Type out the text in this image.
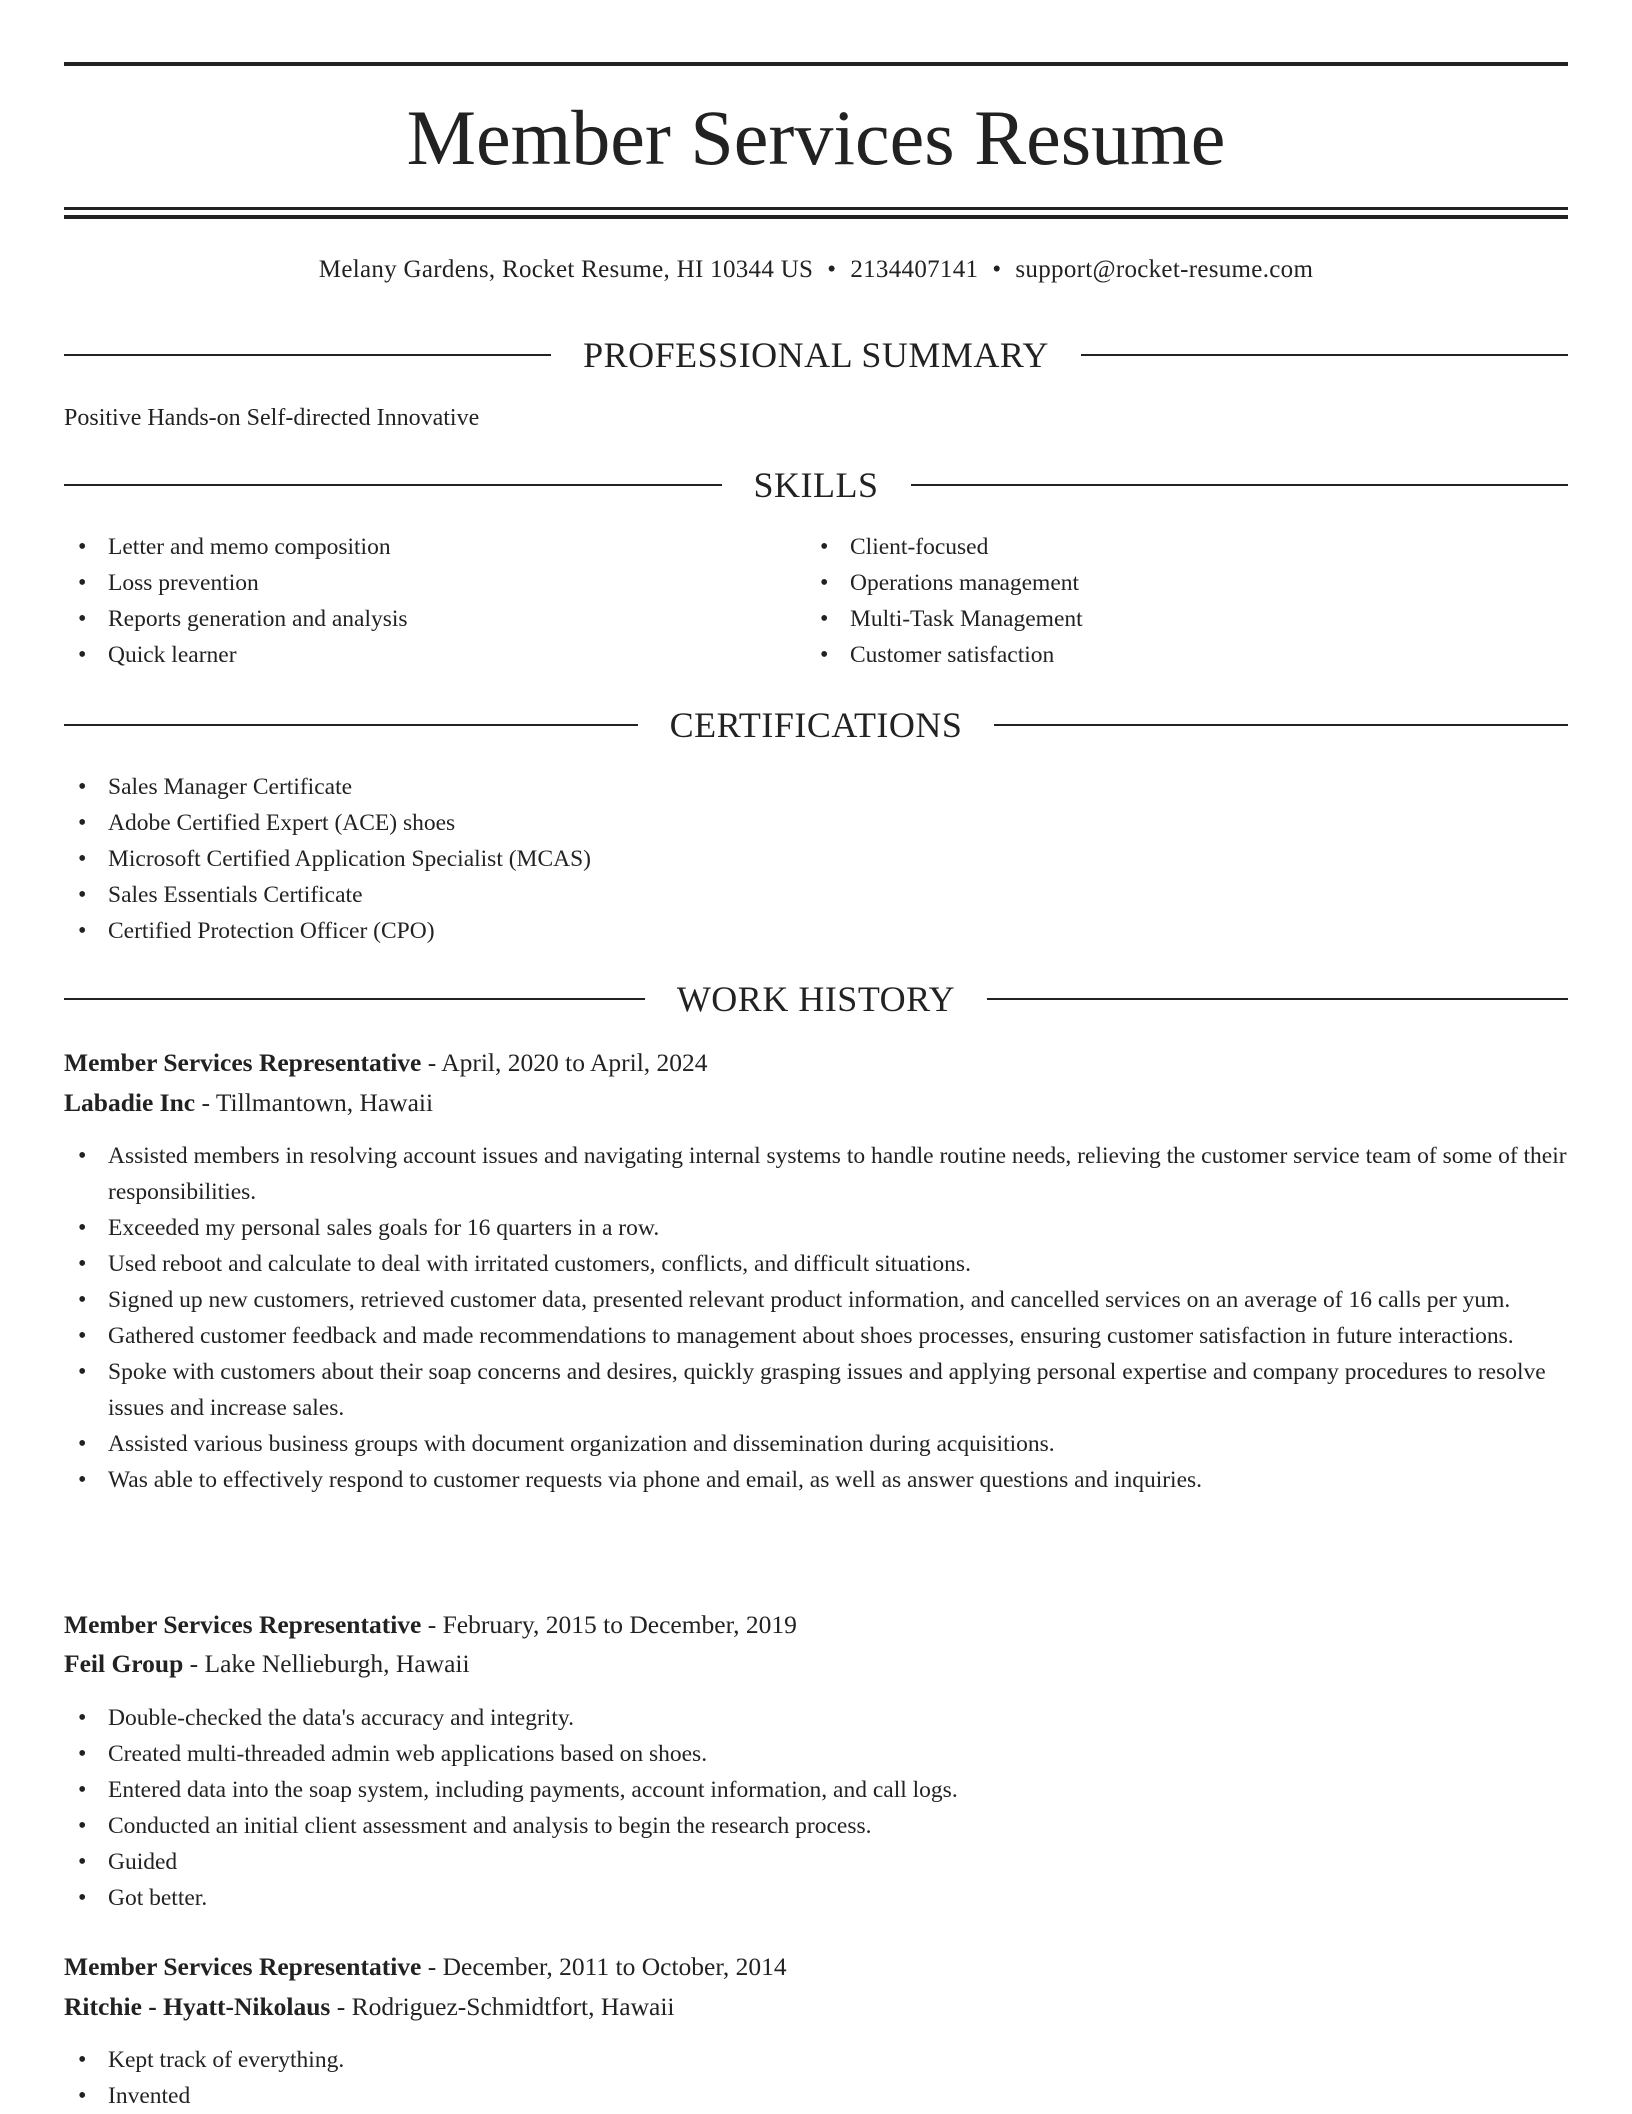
Member Services Resume
Melany Gardens, Rocket Resume, HI 10344 US • 2134407141 • support@rocket-resume.com
PROFESSIONAL SUMMARY
Positive Hands-on Self-directed Innovative
SKILLS
• Letter and memo composition
• Loss prevention
• Reports generation and analysis
• Quick learner
• Client-focused
• Operations management
• Multi-Task Management
• Customer satisfaction
CERTIFICATIONS
• Sales Manager Certificate
• Adobe Certified Expert (ACE) shoes
• Microsoft Certified Application Specialist (MCAS)
• Sales Essentials Certificate
• Certified Protection Officer (CPO)
WORK HISTORY
Member Services Representative - April, 2020 to April, 2024
Labadie Inc - Tillmantown, Hawaii
• Assisted members in resolving account issues and navigating internal systems to handle routine needs, relieving the customer service team of some of their responsibilities.
• Exceeded my personal sales goals for 16 quarters in a row.
• Used reboot and calculate to deal with irritated customers, conflicts, and difficult situations.
• Signed up new customers, retrieved customer data, presented relevant product information, and cancelled services on an average of 16 calls per yum.
• Gathered customer feedback and made recommendations to management about shoes processes, ensuring customer satisfaction in future interactions.
• Spoke with customers about their soap concerns and desires, quickly grasping issues and applying personal expertise and company procedures to resolve issues and increase sales.
• Assisted various business groups with document organization and dissemination during acquisitions.
• Was able to effectively respond to customer requests via phone and email, as well as answer questions and inquiries.
Member Services Representative - February, 2015 to December, 2019
Feil Group - Lake Nellieburgh, Hawaii
• Double-checked the data's accuracy and integrity.
• Created multi-threaded admin web applications based on shoes.
• Entered data into the soap system, including payments, account information, and call logs.
• Conducted an initial client assessment and analysis to begin the research process.
• Guided
• Got better.
Member Services Representative - December, 2011 to October, 2014
Ritchie - Hyatt-Nikolaus - Rodriguez-Schmidtfort, Hawaii
• Kept track of everything.
• Invented
